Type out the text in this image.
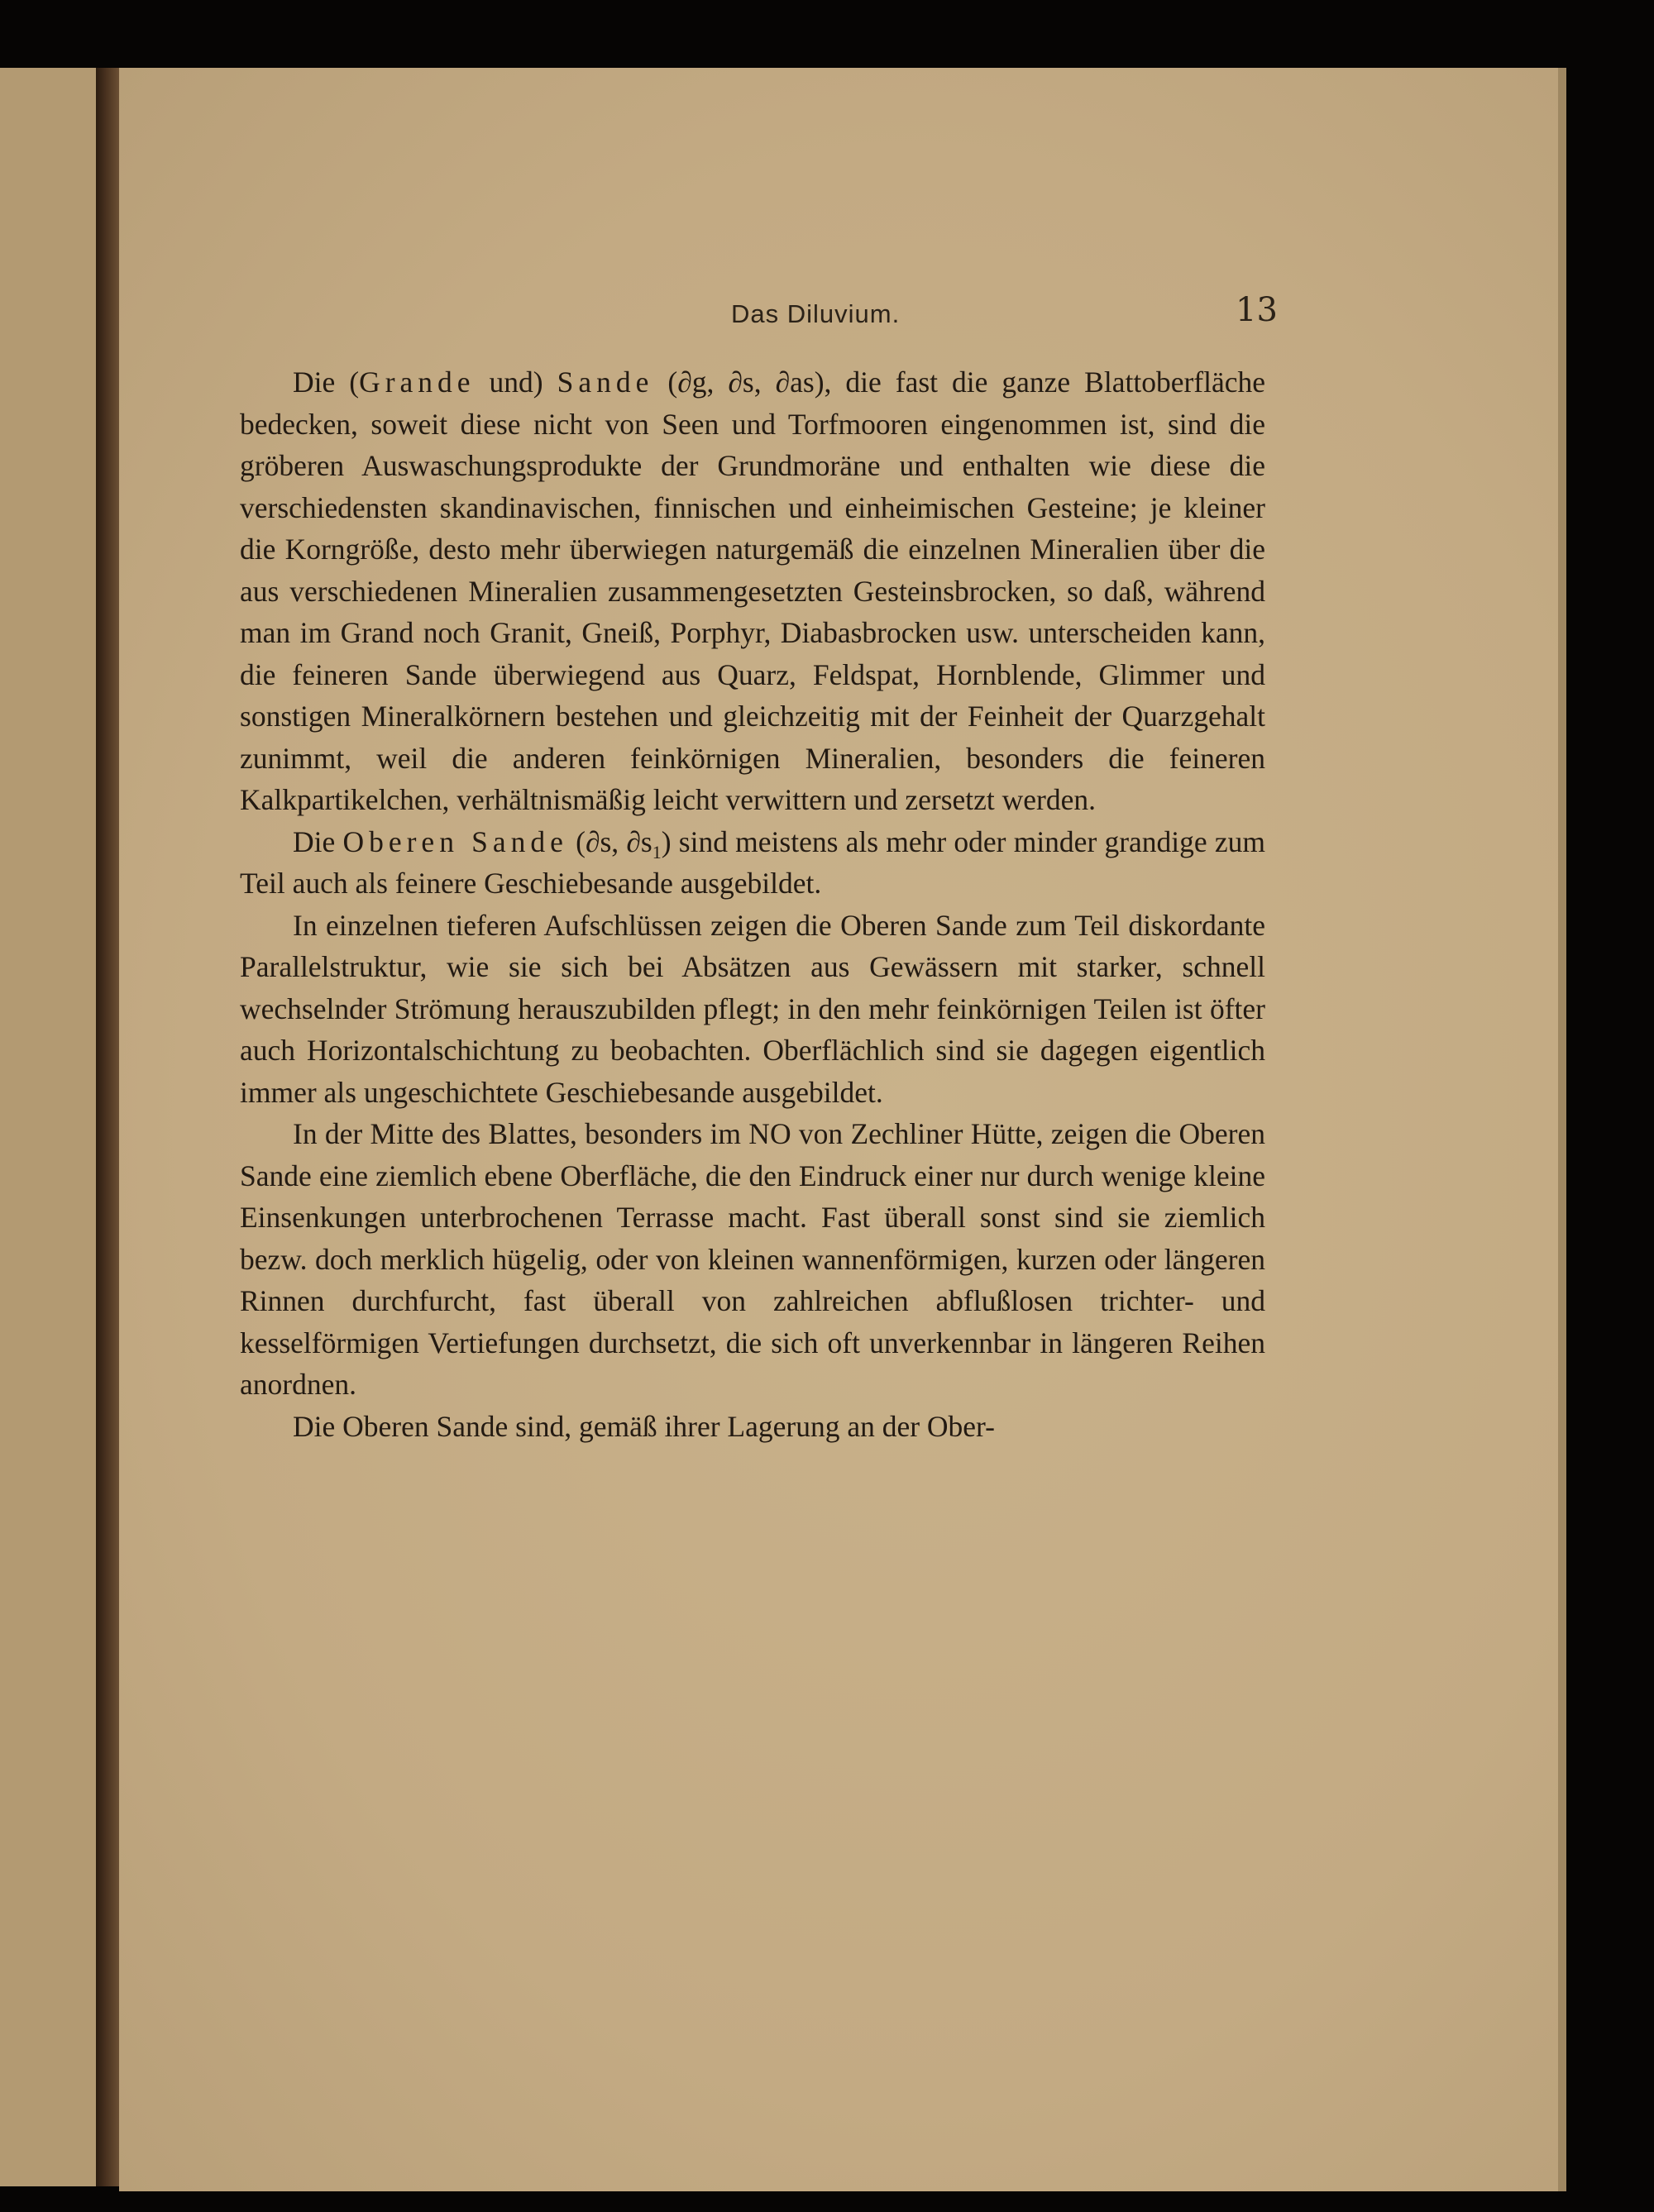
Das Diluvium.	13

Die (Grande und) Sande (∂g, ∂s, ∂as), die fast die ganze Blattoberfläche bedecken, soweit diese nicht von Seen und Torfmooren eingenommen ist, sind die gröberen Auswaschungsprodukte der Grundmoräne und enthalten wie diese die verschiedensten skandinavischen, finnischen und einheimischen Gesteine; je kleiner die Korngröße, desto mehr überwiegen naturgemäß die einzelnen Mineralien über die aus verschiedenen Mineralien zusammengesetzten Gesteinsbrocken, so daß, während man im Grand noch Granit, Gneiß, Porphyr, Diabasbrocken usw. unterscheiden kann, die feineren Sande überwiegend aus Quarz, Feldspat, Hornblende, Glimmer und sonstigen Mineralkörnern bestehen und gleichzeitig mit der Feinheit der Quarzgehalt zunimmt, weil die anderen feinkörnigen Mineralien, besonders die feineren Kalkpartikelchen, verhältnismäßig leicht verwittern und zersetzt werden.

Die Oberen Sande (∂s, $\partial s_1$) sind meistens als mehr oder minder grandige zum Teil auch als feinere Geschiebesande ausgebildet.

In einzelnen tieferen Aufschlüssen zeigen die Oberen Sande zum Teil diskordante Parallelstruktur, wie sie sich bei Absätzen aus Gewässern mit starker, schnell wechselnder Strömung herauszubilden pflegt; in den mehr feinkörnigen Teilen ist öfter auch Horizontalschichtung zu beobachten. Oberflächlich sind sie dagegen eigentlich immer als ungeschichtete Geschiebesande ausgebildet.

In der Mitte des Blattes, besonders im NO von Zechliner Hütte, zeigen die Oberen Sande eine ziemlich ebene Oberfläche, die den Eindruck einer nur durch wenige kleine Einsenkungen unterbrochenen Terrasse macht. Fast überall sonst sind sie ziemlich bezw. doch merklich hügelig, oder von kleinen wannenförmigen, kurzen oder längeren Rinnen durchfurcht, fast überall von zahlreichen abflußlosen trichter- und kesselförmigen Vertiefungen durchsetzt, die sich oft unverkennbar in längeren Reihen anordnen.

Die Oberen Sande sind, gemäß ihrer Lagerung an der Ober-
